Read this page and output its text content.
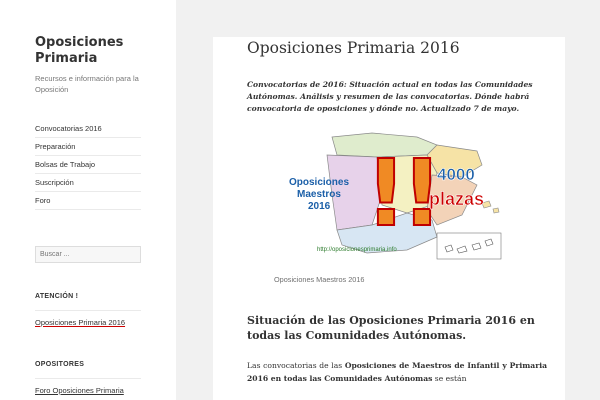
Oposiciones Primaria

Recursos e información para la Oposición

Convocatorias 2016
Preparación
Bolsas de Trabajo
Suscripción
Foro
Buscar ...
ATENCIÓN !
Oposiciones Primaria 2016
OPOSITORES
Foro Oposiciones Primaria
Oposiciones Primaria 2016

Convocatorias de 2016: Situación actual en todas las Comunidades Autónomas. Análisis y resumen de las convocatorias. Dónde habrá convocatoria de oposiciones y dónde no. Actualizado 7 de mayo.

!!
Oposiciones
Maestros
2016
4000
plazas
http://oposicionesprimaria.info

Oposiciones Maestros 2016

Situación de las Oposiciones Primaria 2016 en todas las Comunidades Autónomas.

Las convocatorias de las Oposiciones de Maestros de Infantil y Primaria 2016 en todas las Comunidades Autónomas se están
